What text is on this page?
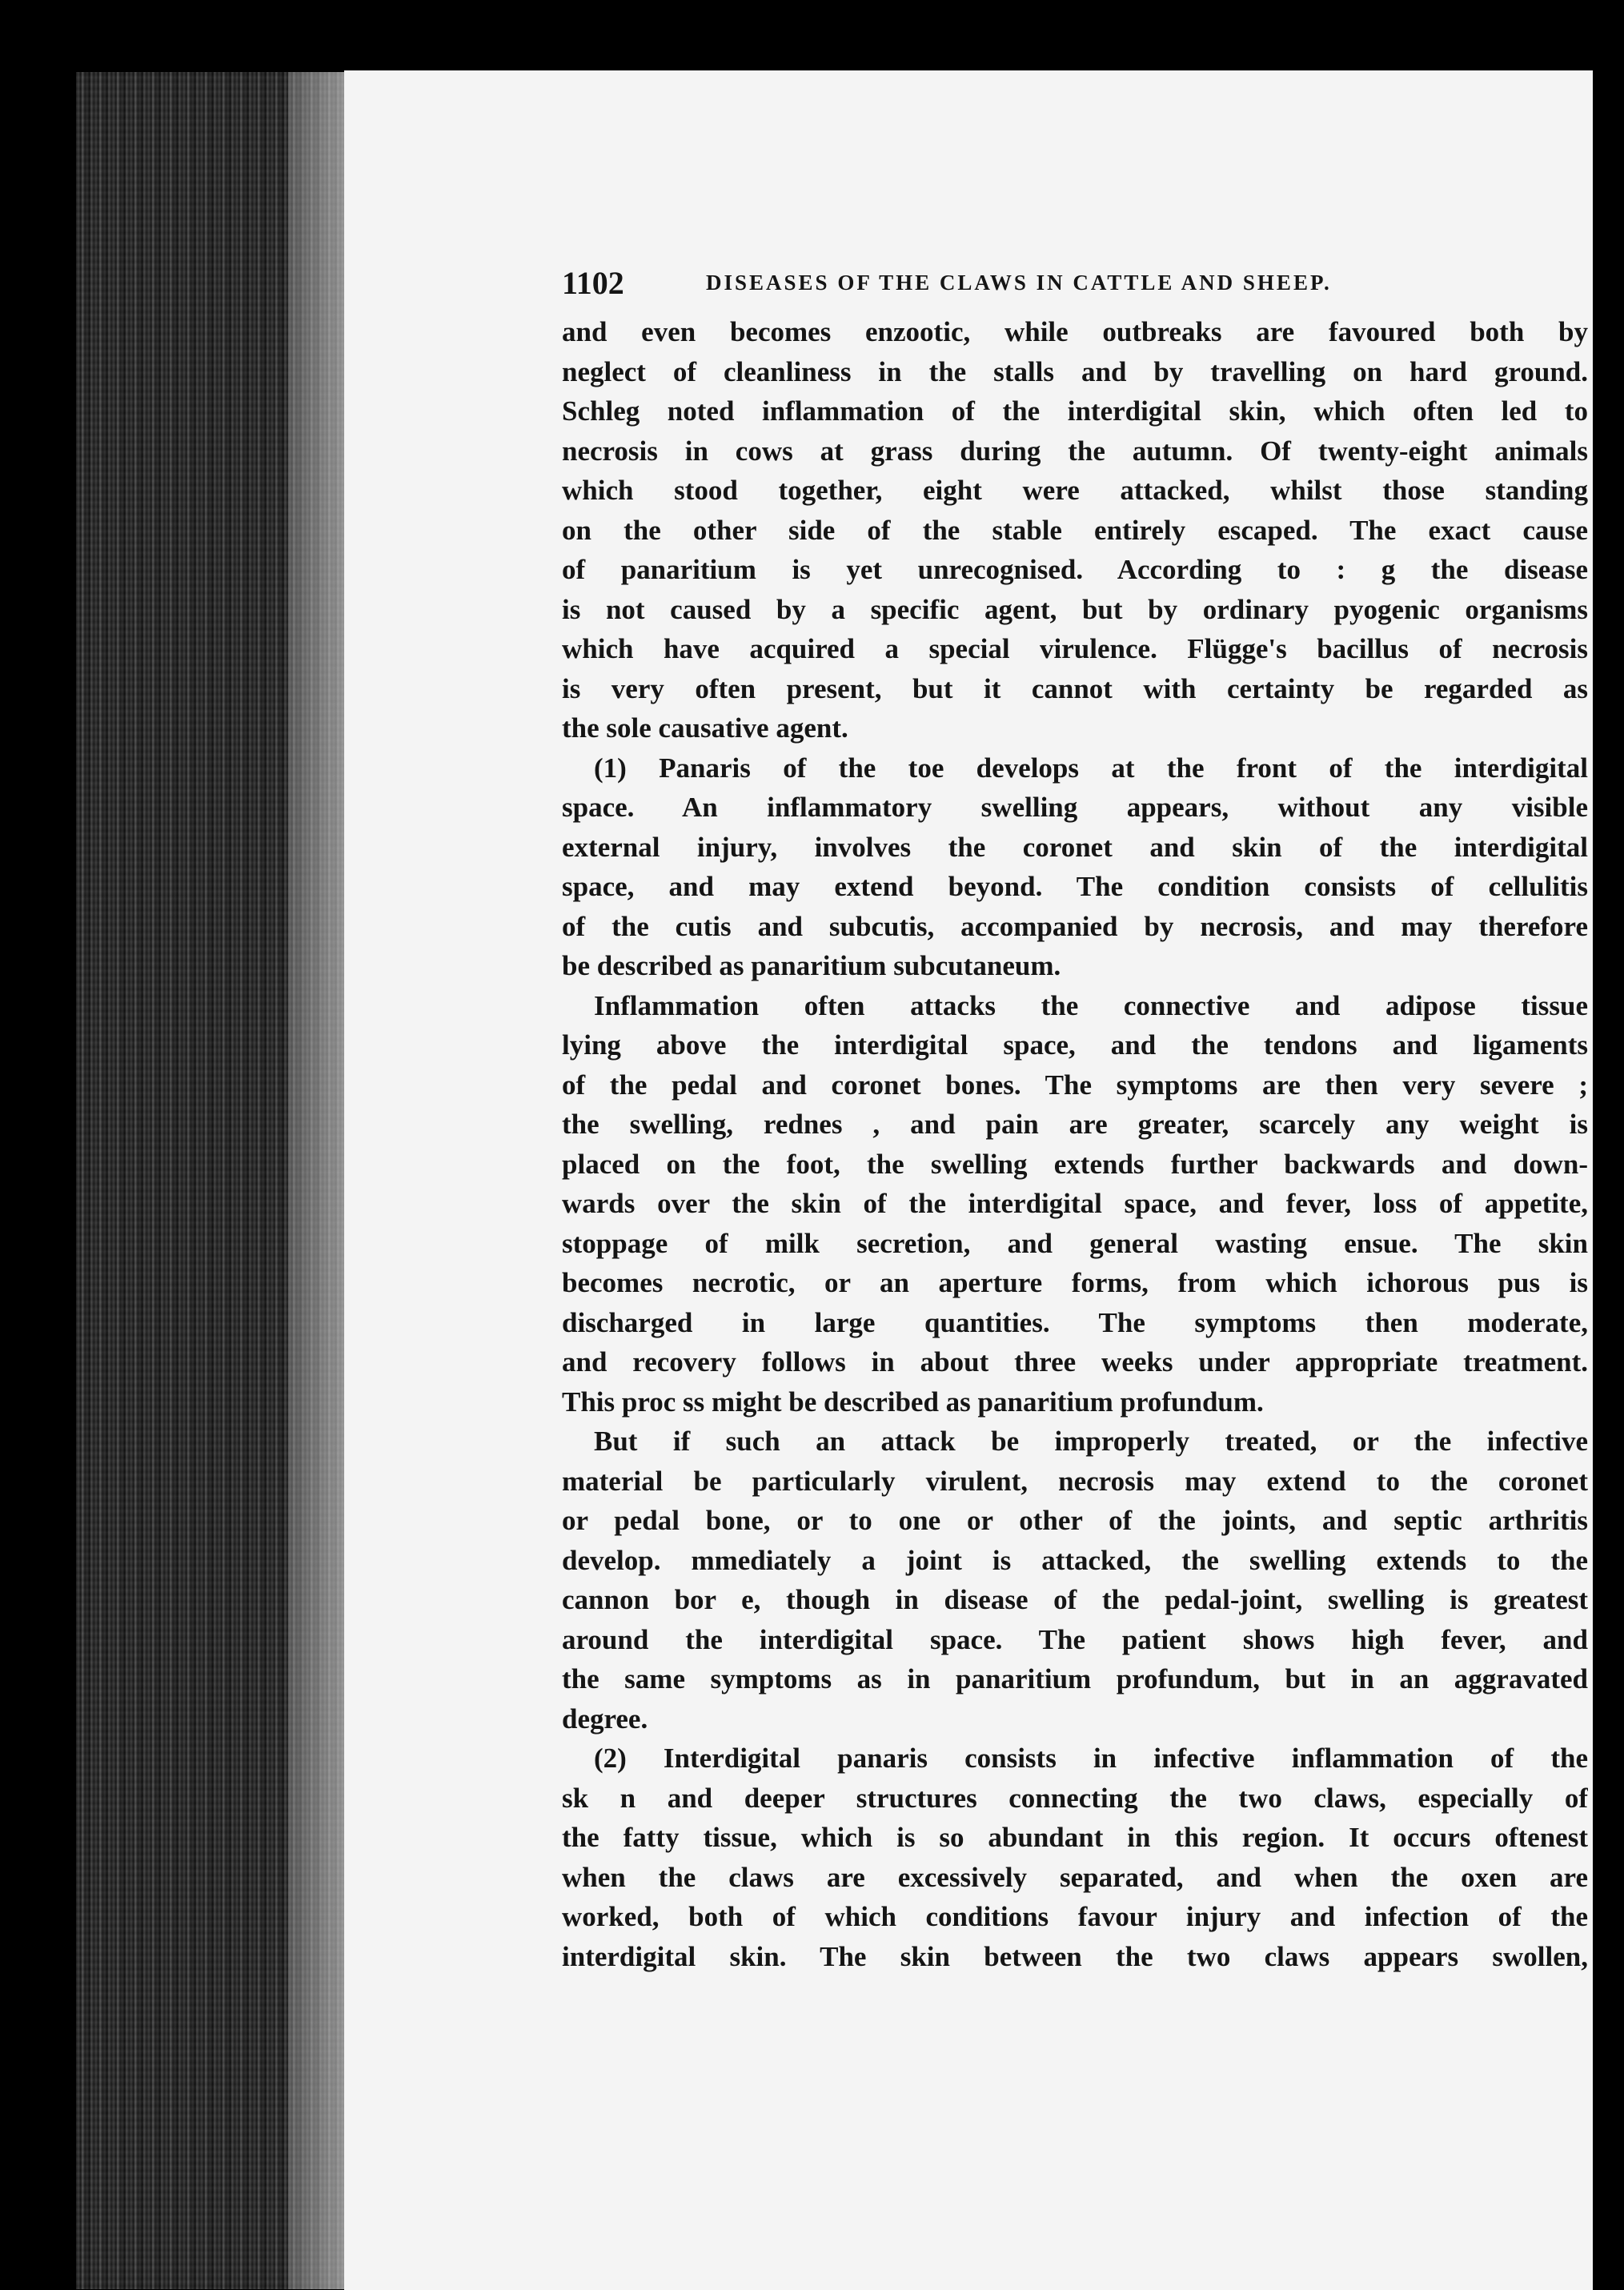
1102	DISEASES OF THE CLAWS IN CATTLE AND SHEEP.
and even becomes enzootic, while outbreaks are favoured both by
neglect of cleanliness in the stalls and by travelling on hard ground.
Schleg noted inflammation of the interdigital skin, which often led to
necrosis in cows at grass during the autumn. Of twenty-eight animals
which stood together, eight were attacked, whilst those standing
on the other side of the stable entirely escaped. The exact cause
of panaritium is yet unrecognised. According to : g the disease
is not caused by a specific agent, but by ordinary pyogenic organisms
which have acquired a special virulence. Flügge's bacillus of necrosis
is very often present, but it cannot with certainty be regarded as
the sole causative agent.
(1) Panaris of the toe develops at the front of the interdigital
space. An inflammatory swelling appears, without any visible
external injury, involves the coronet and skin of the interdigital
space, and may extend beyond. The condition consists of cellulitis
of the cutis and subcutis, accompanied by necrosis, and may therefore
be described as panaritium subcutaneum.
Inflammation often attacks the connective and adipose tissue
lying above the interdigital space, and the tendons and ligaments
of the pedal and coronet bones. The symptoms are then very severe ;
the swelling, rednes , and pain are greater, scarcely any weight is
placed on the foot, the swelling extends further backwards and down-
wards over the skin of the interdigital space, and fever, loss of appetite,
stoppage of milk secretion, and general wasting ensue. The skin
becomes necrotic, or an aperture forms, from which ichorous pus is
discharged in large quantities. The symptoms then moderate,
and recovery follows in about three weeks under appropriate treatment.
This proc ss might be described as panaritium profundum.
But if such an attack be improperly treated, or the infective
material be particularly virulent, necrosis may extend to the coronet
or pedal bone, or to one or other of the joints, and septic arthritis
develop. mmediately a joint is attacked, the swelling extends to the
cannon bor e, though in disease of the pedal-joint, swelling is greatest
around the interdigital space. The patient shows high fever, and
the same symptoms as in panaritium profundum, but in an aggravated
degree.
(2) Interdigital panaris consists in infective inflammation of the
sk n and deeper structures connecting the two claws, especially of
the fatty tissue, which is so abundant in this region. It occurs oftenest
when the claws are excessively separated, and when the oxen are
worked, both of which conditions favour injury and infection of the
interdigital skin. The skin between the two claws appears swollen,
